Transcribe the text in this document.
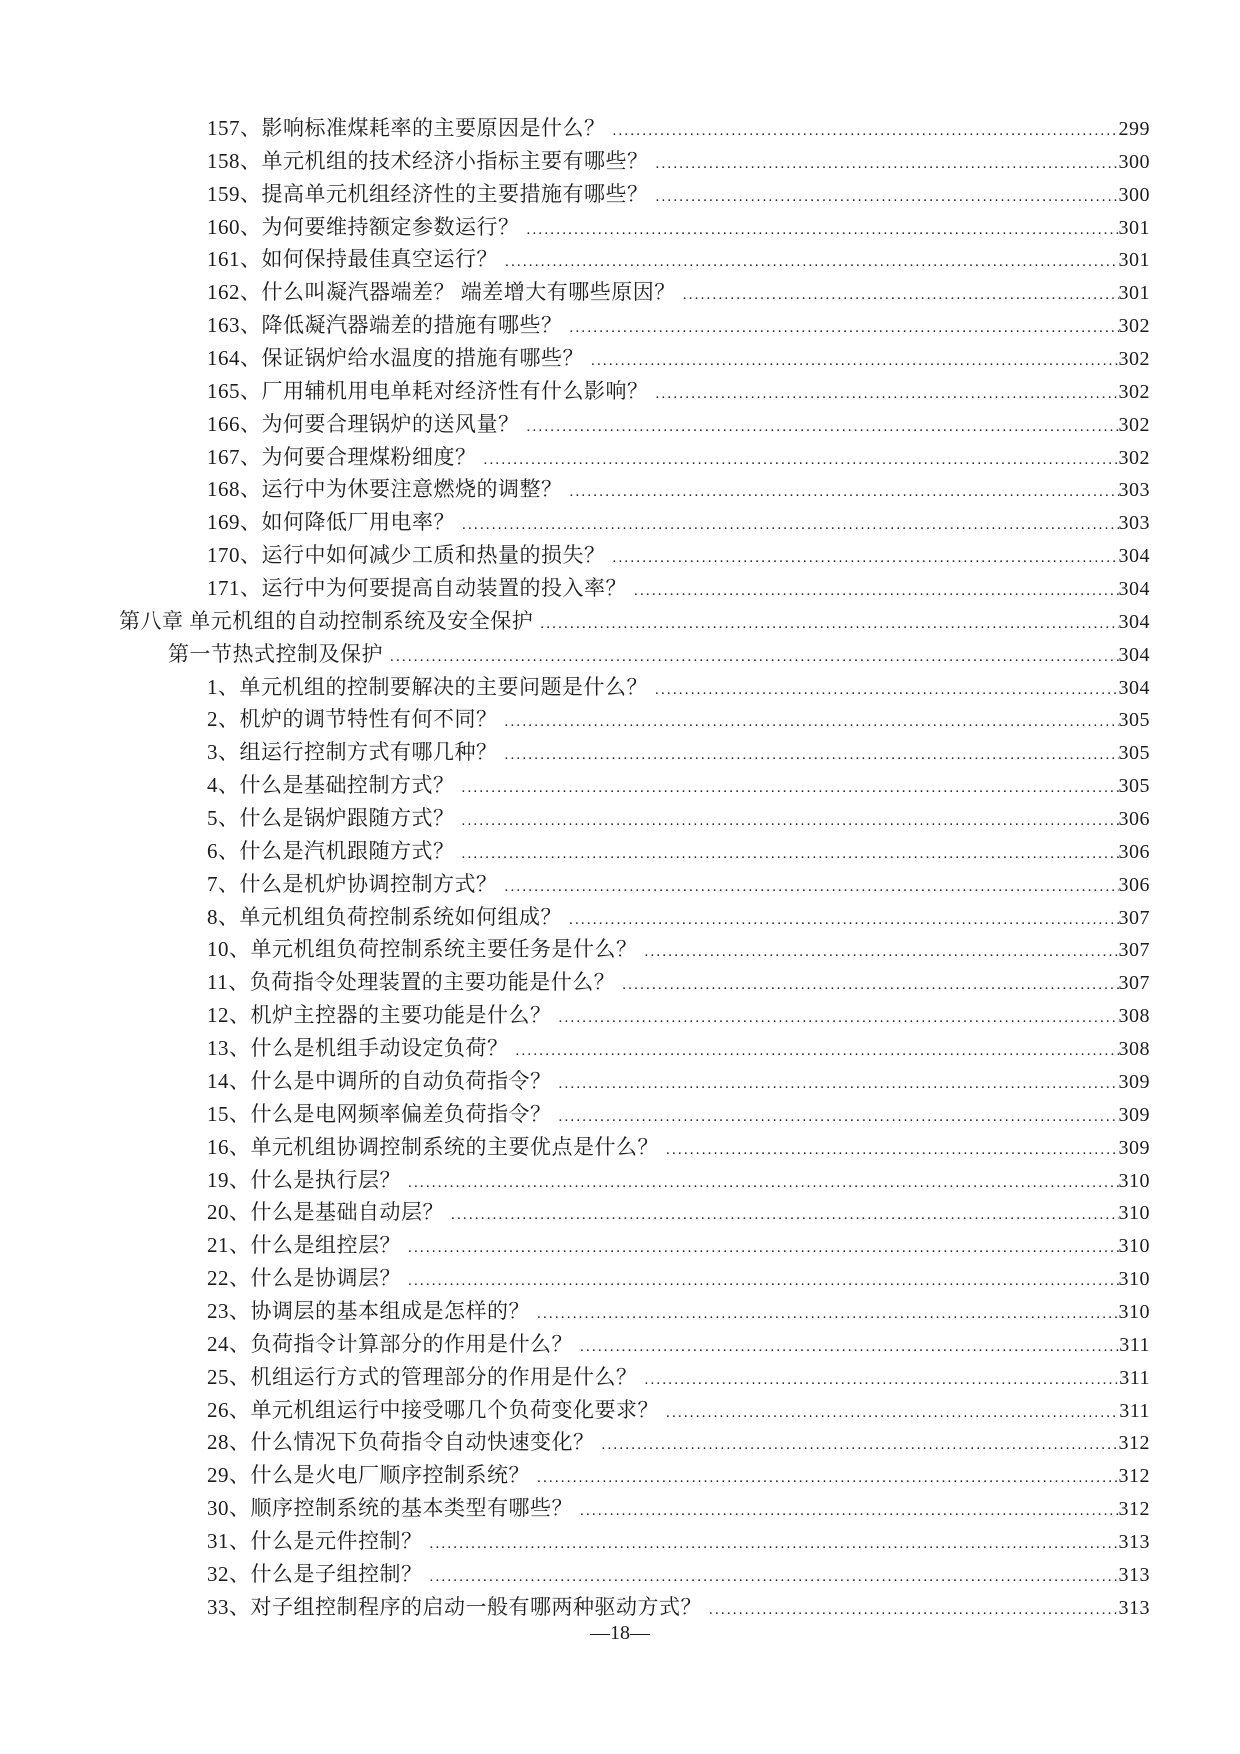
157、影响标准煤耗率的主要原因是什么？ .....	299
158、单元机组的技术经济小指标主要有哪些？ .....	300
159、提高单元机组经济性的主要措施有哪些？ .....	300
160、为何要维持额定参数运行？ .....	301
161、如何保持最佳真空运行？ .....	301
162、什么叫凝汽器端差？ 端差增大有哪些原因？ .....	301
163、降低凝汽器端差的措施有哪些？ .....	302
164、保证锅炉给水温度的措施有哪些？ .....	302
165、厂用辅机用电单耗对经济性有什么影响？ .....	302
166、为何要合理锅炉的送风量？ .....	302
167、为何要合理煤粉细度？ .....	302
168、运行中为休要注意燃烧的调整？ .....	303
169、如何降低厂用电率？ .....	303
170、运行中如何减少工质和热量的损失？ .....	304
171、运行中为何要提高自动装置的投入率？ .....	304
第八章 单元机组的自动控制系统及安全保护 .....	304
第一节热式控制及保护 .....	304
1、单元机组的控制要解决的主要问题是什么？ .....	304
2、机炉的调节特性有何不同？ .....	305
3、组运行控制方式有哪几种？ .....	305
4、什么是基础控制方式？ .....	305
5、什么是锅炉跟随方式？ .....	306
6、什么是汽机跟随方式？ .....	306
7、什么是机炉协调控制方式？ .....	306
8、单元机组负荷控制系统如何组成？ .....	307
10、单元机组负荷控制系统主要任务是什么？ .....	307
11、负荷指令处理装置的主要功能是什么？ .....	307
12、机炉主控器的主要功能是什么？ .....	308
13、什么是机组手动设定负荷？ .....	308
14、什么是中调所的自动负荷指令？ .....	309
15、什么是电网频率偏差负荷指令？ .....	309
16、单元机组协调控制系统的主要优点是什么？ .....	309
19、什么是执行层？ .....	310
20、什么是基础自动层？ .....	310
21、什么是组控层？ .....	310
22、什么是协调层？ .....	310
23、协调层的基本组成是怎样的？ .....	310
24、负荷指令计算部分的作用是什么？ .....	311
25、机组运行方式的管理部分的作用是什么？ .....	311
26、单元机组运行中接受哪几个负荷变化要求？ .....	311
28、什么情况下负荷指令自动快速变化？ .....	312
29、什么是火电厂顺序控制系统？ .....	312
30、顺序控制系统的基本类型有哪些？ .....	312
31、什么是元件控制？ .....	313
32、什么是子组控制？ .....	313
33、对子组控制程序的启动一般有哪两种驱动方式？ .....	313
—18—
